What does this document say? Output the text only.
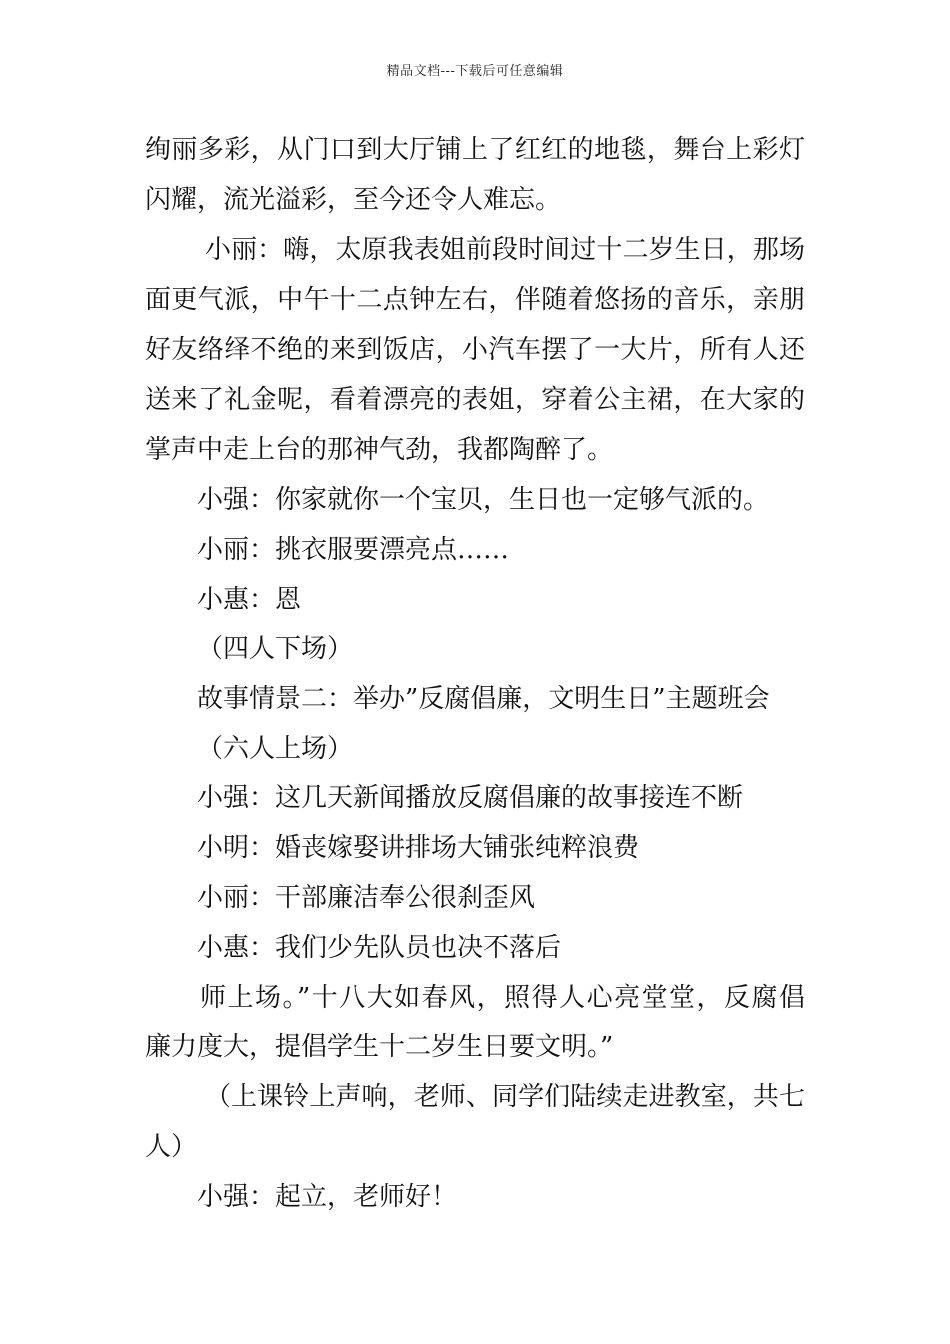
精品文档---下载后可任意编辑
绚丽多彩，从门口到大厅铺上了红红的地毯，舞台上彩灯
闪耀，流光溢彩，至今还令人难忘。
小丽：嗨，太原我表姐前段时间过十二岁生日，那场
面更气派，中午十二点钟左右，伴随着悠扬的音乐，亲朋
好友络绎不绝的来到饭店，小汽车摆了一大片，所有人还
送来了礼金呢，看着漂亮的表姐，穿着公主裙，在大家的
掌声中走上台的那神气劲，我都陶醉了。
小强：你家就你一个宝贝，生日也一定够气派的。
小丽：挑衣服要漂亮点……
小惠：恩
（四人下场）
故事情景二：举办”反腐倡廉，文明生日”主题班会
（六人上场）
小强：这几天新闻播放反腐倡廉的故事接连不断
小明：婚丧嫁娶讲排场大铺张纯粹浪费
小丽：干部廉洁奉公很刹歪风
小惠：我们少先队员也决不落后
师上场。”十八大如春风，照得人心亮堂堂，反腐倡
廉力度大，提倡学生十二岁生日要文明。”
（上课铃上声响，老师、同学们陆续走进教室，共七
人）
小强：起立，老师好！
